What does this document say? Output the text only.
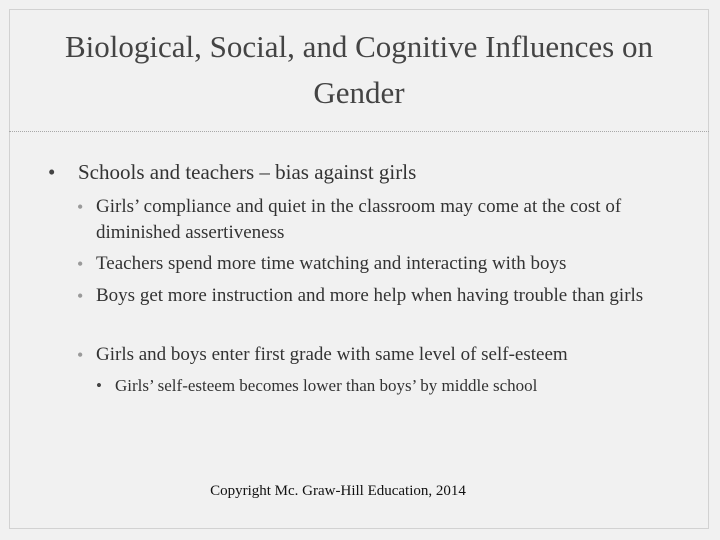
Biological, Social, and Cognitive Influences on Gender
•	Schools and teachers – bias against girls
• Girls’ compliance and quiet in the classroom may come at the cost of diminished assertiveness
• Teachers spend more time watching and interacting with boys
• Boys get more instruction and more help when having trouble than girls
• Girls and boys enter first grade with same level of self-esteem
• Girls’ self-esteem becomes lower than boys’ by middle school
Copyright Mc. Graw-Hill Education, 2014
